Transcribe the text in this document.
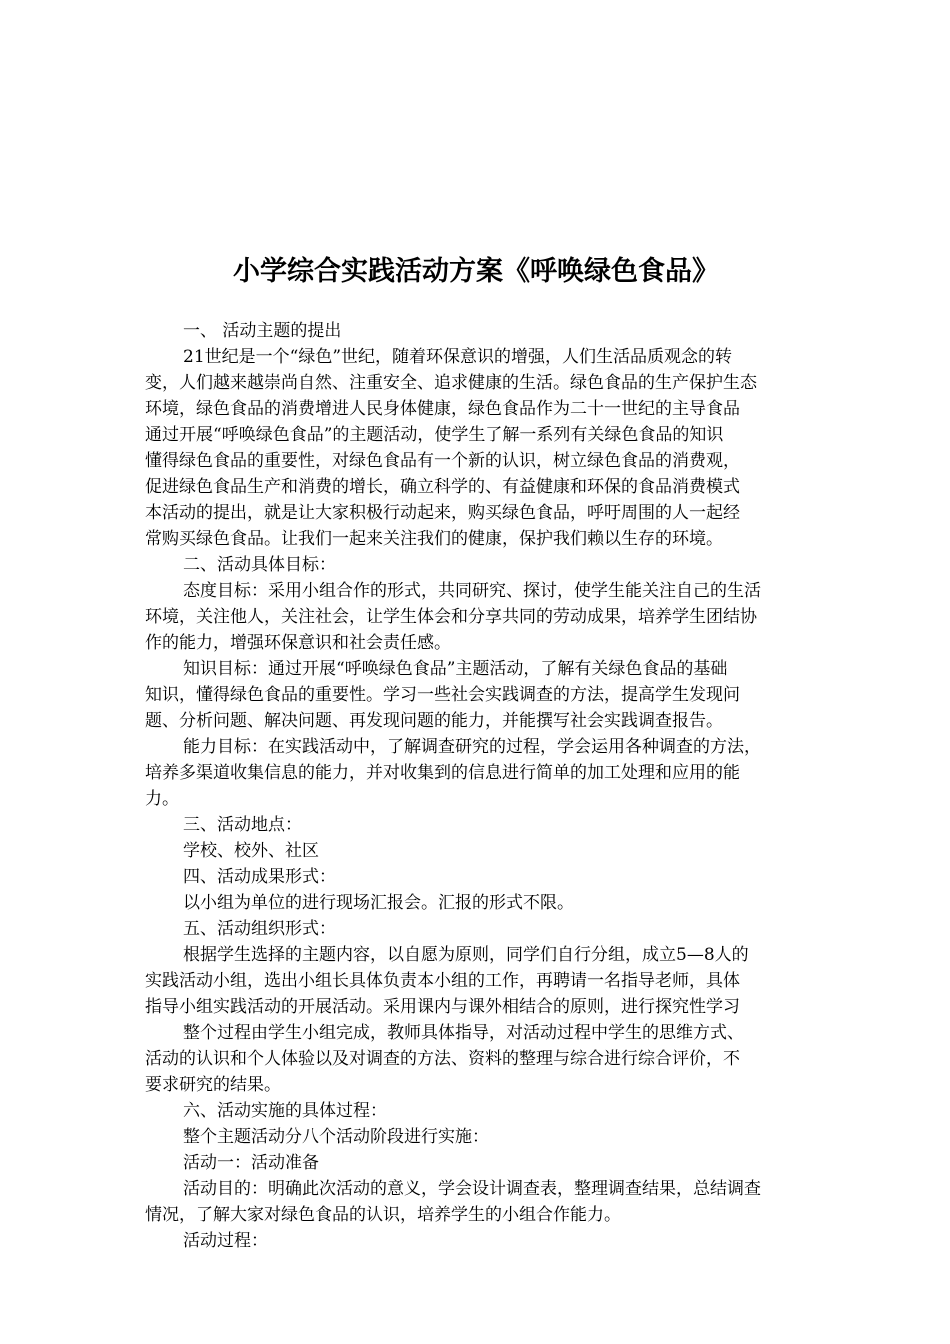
小学综合实践活动方案《呼唤绿色食品》
一、 活动主题的提出
21世纪是一个“绿色”世纪，随着环保意识的增强，人们生活品质观念的转
变，人们越来越崇尚自然、注重安全、追求健康的生活。绿色食品的生产保护生态
环境，绿色食品的消费增进人民身体健康，绿色食品作为二十一世纪的主导食品
通过开展“呼唤绿色食品”的主题活动，使学生了解一系列有关绿色食品的知识
懂得绿色食品的重要性，对绿色食品有一个新的认识，树立绿色食品的消费观，
促进绿色食品生产和消费的增长，确立科学的、有益健康和环保的食品消费模式
本活动的提出，就是让大家积极行动起来，购买绿色食品，呼吁周围的人一起经
常购买绿色食品。让我们一起来关注我们的健康，保护我们赖以生存的环境。
二、活动具体目标：
态度目标：采用小组合作的形式，共同研究、探讨，使学生能关注自己的生活
环境，关注他人，关注社会，让学生体会和分享共同的劳动成果，培养学生团结协
作的能力，增强环保意识和社会责任感。
知识目标：通过开展“呼唤绿色食品”主题活动，了解有关绿色食品的基础
知识，懂得绿色食品的重要性。学习一些社会实践调查的方法，提高学生发现问
题、分析问题、解决问题、再发现问题的能力，并能撰写社会实践调查报告。
能力目标：在实践活动中，了解调查研究的过程，学会运用各种调查的方法，
培养多渠道收集信息的能力，并对收集到的信息进行简单的加工处理和应用的能
力。
三、活动地点：
学校、校外、社区
四、活动成果形式：
以小组为单位的进行现场汇报会。汇报的形式不限。
五、活动组织形式：
根据学生选择的主题内容，以自愿为原则，同学们自行分组，成立5—8人的
实践活动小组，选出小组长具体负责本小组的工作，再聘请一名指导老师，具体
指导小组实践活动的开展活动。采用课内与课外相结合的原则，进行探究性学习
整个过程由学生小组完成，教师具体指导，对活动过程中学生的思维方式、
活动的认识和个人体验以及对调查的方法、资料的整理与综合进行综合评价，不
要求研究的结果。
六、活动实施的具体过程：
整个主题活动分八个活动阶段进行实施：
活动一：活动准备
活动目的：明确此次活动的意义，学会设计调查表，整理调查结果，总结调查
情况，了解大家对绿色食品的认识，培养学生的小组合作能力。
活动过程：
